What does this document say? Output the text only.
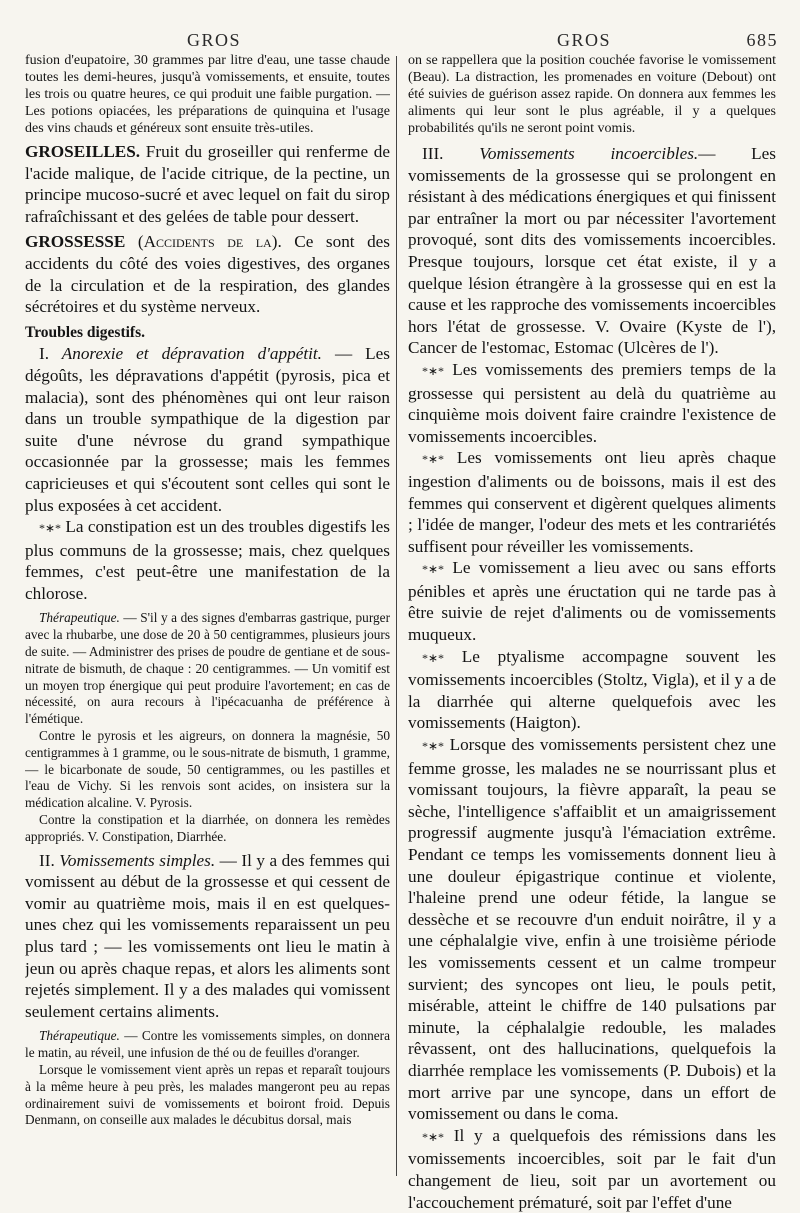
GROS	GROS	685

fusion d'eupatoire, 30 grammes par litre d'eau, une tasse chaude toutes les demi-heures, jusqu'à vomissements, et ensuite, toutes les trois ou quatre heures, ce qui produit une faible purgation. — Les potions opiacées, les préparations de quinquina et l'usage des vins chauds et généreux sont ensuite très-utiles.

GROSEILLES. Fruit du groseiller qui renferme de l'acide malique, de l'acide citrique, de la pectine, un principe mucoso-sucré et avec lequel on fait du sirop rafraîchissant et des gelées de table pour dessert.

GROSSESSE (Accidents de la). Ce sont des accidents du côté des voies digestives, des organes de la circulation et de la respiration, des glandes sécrétoires et du système nerveux.

Troubles digestifs.

I. Anorexie et dépravation d'appétit. — Les dégoûts, les dépravations d'appétit (pyrosis, pica et malacia), sont des phénomènes qui ont leur raison dans un trouble sympathique de la digestion par suite d'une névrose du grand sympathique occasionnée par la grossesse; mais les femmes capricieuses et qui s'écoutent sont celles qui sont le plus exposées à cet accident.

*∗* La constipation est un des troubles digestifs les plus communs de la grossesse; mais, chez quelques femmes, c'est peut-être une manifestation de la chlorose.

Thérapeutique. — S'il y a des signes d'embarras gastrique, purger avec la rhubarbe, une dose de 20 à 50 centigrammes, plusieurs jours de suite. — Administrer des prises de poudre de gentiane et de sous-nitrate de bismuth, de chaque : 20 centigrammes. — Un vomitif est un moyen trop énergique qui peut produire l'avortement; en cas de nécessité, on aura recours à l'ipécacuanha de préférence à l'émétique.

Contre le pyrosis et les aigreurs, on donnera la magnésie, 50 centigrammes à 1 gramme, ou le sous-nitrate de bismuth, 1 gramme, — le bicarbonate de soude, 50 centigrammes, ou les pastilles et l'eau de Vichy. Si les renvois sont acides, on insistera sur la médication alcaline. V. Pyrosis.

Contre la constipation et la diarrhée, on donnera les remèdes appropriés. V. Constipation, Diarrhée.

II. Vomissements simples. — Il y a des femmes qui vomissent au début de la grossesse et qui cessent de vomir au quatrième mois, mais il en est quelques-unes chez qui les vomissements reparaissent un peu plus tard ; — les vomissements ont lieu le matin à jeun ou après chaque repas, et alors les aliments sont rejetés simplement. Il y a des malades qui vomissent seulement certains aliments.

Thérapeutique. — Contre les vomissements simples, on donnera le matin, au réveil, une infusion de thé ou de feuilles d'oranger.

Lorsque le vomissement vient après un repas et reparaît toujours à la même heure à peu près, les malades mangeront peu au repas ordinairement suivi de vomissements et boiront froid. Depuis Denmann, on conseille aux malades le décubitus dorsal, mais

on se rappellera que la position couchée favorise le vomissement (Beau). La distraction, les promenades en voiture (Debout) ont été suivies de guérison assez rapide. On donnera aux femmes les aliments qui leur sont le plus agréable, il y a quelques probabilités qu'ils ne seront point vomis.

III. Vomissements incoercibles.— Les vomissements de la grossesse qui se prolongent en résistant à des médications énergiques et qui finissent par entraîner la mort ou par nécessiter l'avortement provoqué, sont dits des vomissements incoercibles. Presque toujours, lorsque cet état existe, il y a quelque lésion étrangère à la grossesse qui en est la cause et les rapproche des vomissements incoercibles hors l'état de grossesse. V. Ovaire (Kyste de l'), Cancer de l'estomac, Estomac (Ulcères de l').

*∗* Les vomissements des premiers temps de la grossesse qui persistent au delà du quatrième au cinquième mois doivent faire craindre l'existence de vomissements incoercibles.

*∗* Les vomissements ont lieu après chaque ingestion d'aliments ou de boissons, mais il est des femmes qui conservent et digèrent quelques aliments ; l'idée de manger, l'odeur des mets et les contrariétés suffisent pour réveiller les vomissements.

*∗* Le vomissement a lieu avec ou sans efforts pénibles et après une éructation qui ne tarde pas à être suivie de rejet d'aliments ou de vomissements muqueux.

*∗* Le ptyalisme accompagne souvent les vomissements incoercibles (Stoltz, Vigla), et il y a de la diarrhée qui alterne quelquefois avec les vomissements (Haigton).

*∗* Lorsque des vomissements persistent chez une femme grosse, les malades ne se nourrissant plus et vomissant toujours, la fièvre apparaît, la peau se sèche, l'intelligence s'affaiblit et un amaigrissement progressif augmente jusqu'à l'émaciation extrême. Pendant ce temps les vomissements donnent lieu à une douleur épigastrique continue et violente, l'haleine prend une odeur fétide, la langue se dessèche et se recouvre d'un enduit noirâtre, il y a une céphalalgie vive, enfin à une troisième période les vomissements cessent et un calme trompeur survient; des syncopes ont lieu, le pouls petit, misérable, atteint le chiffre de 140 pulsations par minute, la céphalalgie redouble, les malades rêvassent, ont des hallucinations, quelquefois la diarrhée remplace les vomissements (P. Dubois) et la mort arrive par une syncope, dans un effort de vomissement ou dans le coma.

*∗* Il y a quelquefois des rémissions dans les vomissements incoercibles, soit par le fait d'un changement de lieu, soit par un avortement ou l'accouchement prématuré, soit par l'effet d'une
